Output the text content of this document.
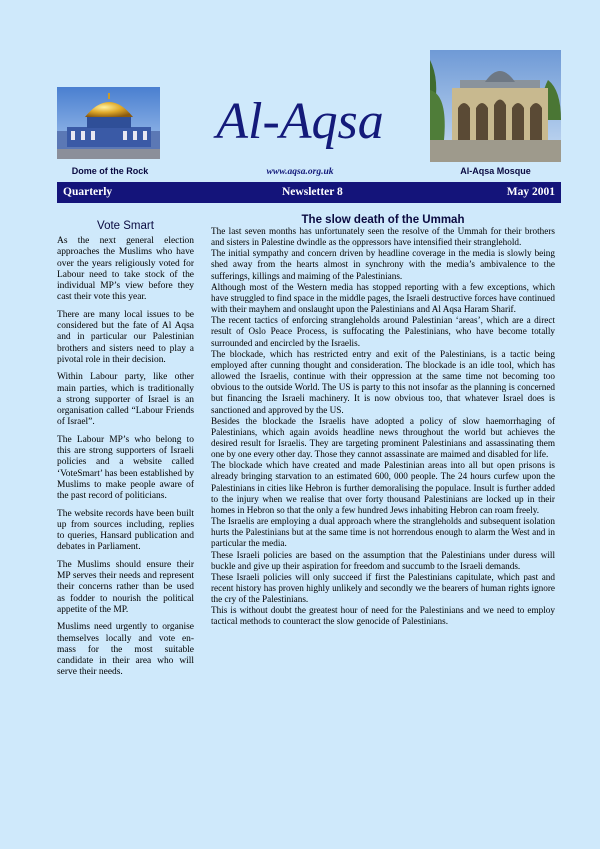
Dome of the Rock
Al-Aqsa
www.aqsa.org.uk	Al-Aqsa Mosque
Quarterly	Newsletter 8	May 2001
Vote Smart

As the next general election approaches the Muslims who have over the years religiously voted for Labour need to take stock of the individual MP’s view before they cast their vote this year.

There are many local issues to be considered but the fate of Al Aqsa and in particular our Palestinian brothers and sisters need to play a pivotal role in their decision.

Within Labour party, like other main parties, which is traditionally a strong supporter of Israel is an organisation called “Labour Friends of Israel”.

The Labour MP’s who belong to this are strong supporters of Israeli policies and a website called ‘VoteSmart’ has been established by Muslims to make people aware of the past record of politicians.

The website records have been built up from sources including, replies to queries, Hansard publication and debates in Parliament.

The Muslims should ensure their MP serves their needs and represent their concerns rather than be used as fodder to nourish the political appetite of the MP.

Muslims need urgently to organise themselves locally and vote en-mass for the most suitable candidate in their area who will serve their needs.

The slow death of the Ummah

The last seven months has unfortunately seen the resolve of the Ummah for their brothers and sisters in Palestine dwindle as the oppressors have intensified their stranglehold.

The initial sympathy and concern driven by headline coverage in the media is slowly being shed away from the hearts almost in synchrony with the media’s ambivalence to the sufferings, killings and maiming of the Palestinians.

Although most of the Western media has stopped reporting with a few exceptions, which have struggled to find space in the middle pages, the Israeli destructive forces have continued with their mayhem and onslaught upon the Palestinians and Al Aqsa Haram Sharif.

The recent tactics of enforcing strangleholds around Palestinian ‘areas’, which are a direct result of Oslo Peace Process, is suffocating the Palestinians, who have become totally surrounded and encircled by the Israelis.

The blockade, which has restricted entry and exit of the Palestinians, is a tactic being employed after cunning thought and consideration. The blockade is an idle tool, which has allowed the Israelis, continue with their oppression at the same time not becoming too obvious to the outside World. The US is party to this not insofar as the planning is concerned but financing the Israeli machinery. It is now obvious too, that whatever Israel does is sanctioned and approved by the US.

Besides the blockade the Israelis have adopted a policy of slow haemorrhaging of Palestinians, which again avoids headline news throughout the world but achieves the desired result for Israelis. They are targeting prominent Palestinians and assassinating them one by one every other day. Those they cannot assassinate are maimed and disabled for life.

The blockade which have created and made Palestinian areas into all but open prisons is already bringing starvation to an estimated 600, 000 people. The 24 hours curfew upon the Palestinians in cities like Hebron is further demoralising the populace. Insult is further added to the injury when we realise that over forty thousand Palestinians are locked up in their homes in Hebron so that the only a few hundred Jews inhabiting Hebron can roam freely.

The Israelis are employing a dual approach where the strangleholds and subsequent isolation hurts the Palestinians but at the same time is not horrendous enough to alarm the West and in particular the media.

These Israeli policies are based on the assumption that the Palestinians under duress will buckle and give up their aspiration for freedom and succumb to the Israeli demands.

These Israeli policies will only succeed if first the Palestinians capitulate, which past and recent history has proven highly unlikely and secondly we the bearers of human rights ignore the cry of the Palestinians.

This is without doubt the greatest hour of need for the Palestinians and we need to employ tactical methods to counteract the slow genocide of Palestinians.
